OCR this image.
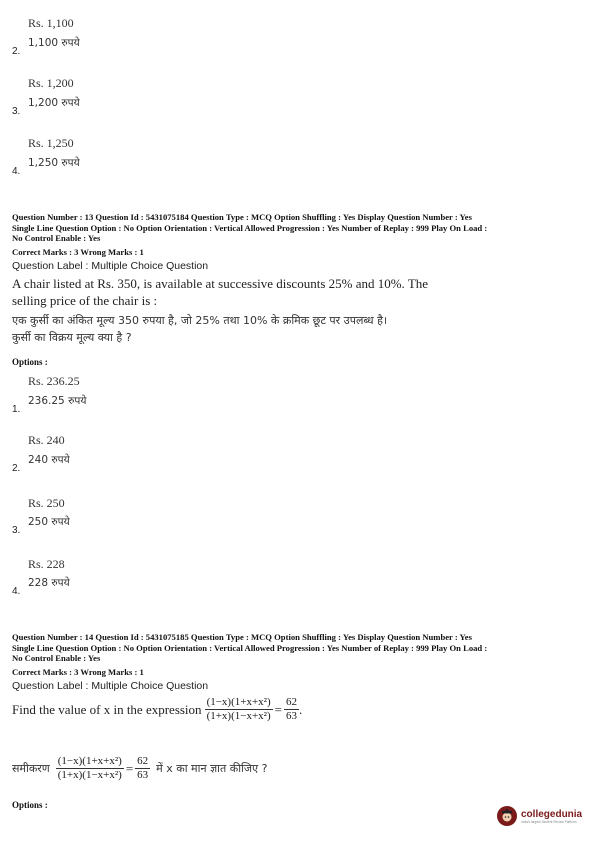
Rs. 1,100
1,100 रुपये
2.
Rs. 1,200
1,200 रुपये
3.
Rs. 1,250
1,250 रुपये
4.
Question Number : 13 Question Id : 5431075184 Question Type : MCQ Option Shuffling : Yes Display Question Number : Yes
Single Line Question Option : No Option Orientation : Vertical Allowed Progression : Yes Number of Replay : 999 Play On Load :
No Control Enable : Yes
Correct Marks : 3 Wrong Marks : 1
Question Label : Multiple Choice Question
A chair listed at Rs. 350, is available at successive discounts 25% and 10%. The
selling price of the chair is :
एक कुर्सी का अंकित मूल्य 350 रुपया है, जो 25% तथा 10% के क्रमिक छूट पर उपलब्ध है।
कुर्सी का विक्रय मूल्य क्या है ?
Options :
Rs. 236.25
236.25 रुपये
1.
Rs. 240
240 रुपये
2.
Rs. 250
250 रुपये
3.
Rs. 228
228 रुपये
4.
Question Number : 14 Question Id : 5431075185 Question Type : MCQ Option Shuffling : Yes Display Question Number : Yes
Single Line Question Option : No Option Orientation : Vertical Allowed Progression : Yes Number of Replay : 999 Play On Load :
No Control Enable : Yes
Correct Marks : 3 Wrong Marks : 1
Question Label : Multiple Choice Question
Find the value of x in the expression $\frac{\text{(1−x)(1+x+x²)}}{\text{(1+x)(1−x+x²)}} = \frac{62}{63}$ .
समीकरण $\frac{\text{(1−x)(1+x+x²)}}{\text{(1+x)(1−x+x²)}} = \frac{62}{63}$ में x का मान ज्ञात कीजिए ?
Options :
collegedunia
India's largest Student Review Platform
